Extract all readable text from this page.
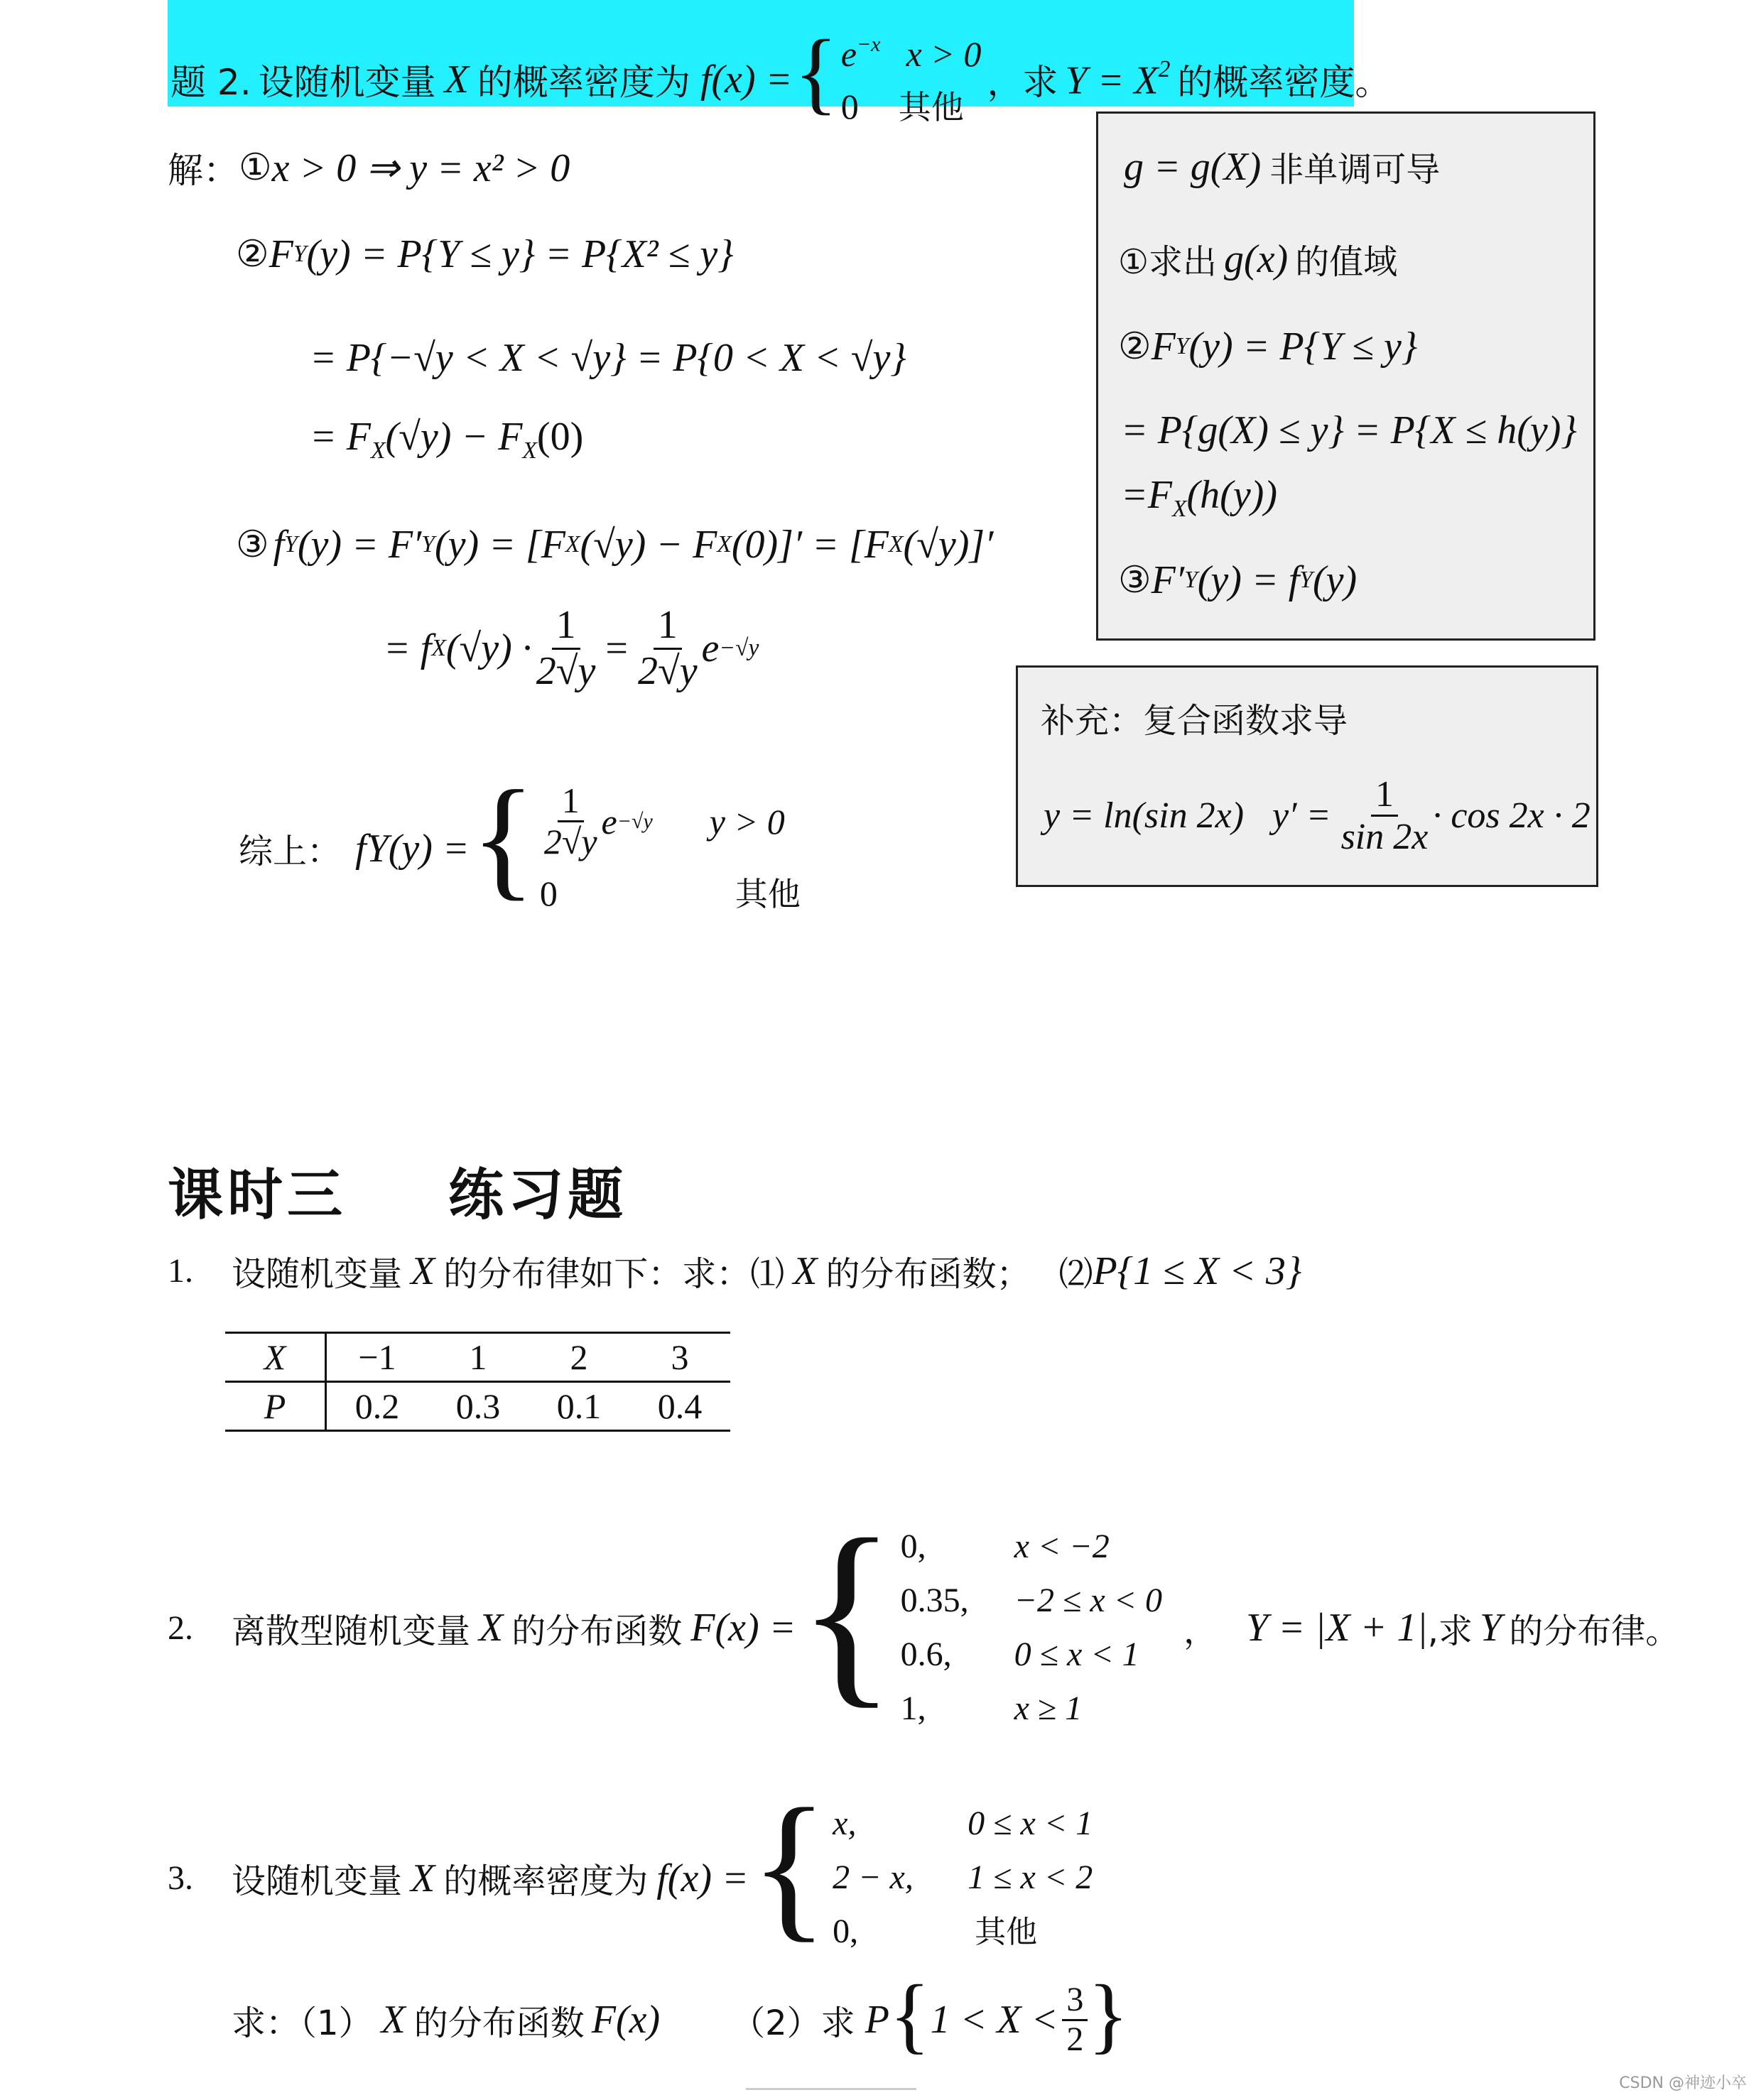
题 2. 设随机变量 X 的概率密度为 f(x) = { $e^{-x}$ x > 0
0 其他
，求 $Y = X^2$ 的概率密度。
解： ① x > 0 ⇒ y = x² > 0
② F Y (y) = P{Y ≤ y} = P{X² ≤ y}
= P{−√y < X < √y} = P{0 < X < √y}
= $F_X(√y) - F_X(0)$
③ f Y (y) = F′ Y (y) = [F X (√y) − F X (0)]′ = [F X (√y)]′
= f X $(√y) \cdot \frac{1}{2√y} = \frac{1}{2√y}$ e −√y
综上： f Y (y) = { $\frac{1}{2√y}$ e −√y y > 0
0	其他
g = g(X) 非单调可导
①求出 g(x) 的值域
② F Y (y) = P{Y ≤ y}
= P{g(X) ≤ y} = P{X ≤ h(y)}
$=F_X(h(y))$
③ F′ Y (y) = f Y (y)
补充：复合函数求导
y = ln(sin 2x) $y' = \frac{1}{\sin 2x} \cdot \cos 2x \cdot 2$
课时三 练习题
1.	设随机变量 X 的分布律如下：求：⑴ X 的分布函数； ⑵ P{1 ≤ X < 3}
X	−1	1	2	3
P	0.2	0.3	0.1	0.4
2.	离散型随机变量 X 的分布函数 F(x) = { 0,	x < −2
0.35, −2 ≤ x < 0
0.6, 0 ≤ x < 1
1,	x ≥ 1
， Y = |X + 1| ,求 Y 的分布律。
3.	设随机变量 X 的概率密度为 f(x) = { x,	0 ≤ x < 1
2 − x, 1 ≤ x < 2
0,	其他
求：（1） X 的分布函数 F(x) （2）求 P { $1 < X < \frac{3}{2}$ }
CSDN @神迹小卒
